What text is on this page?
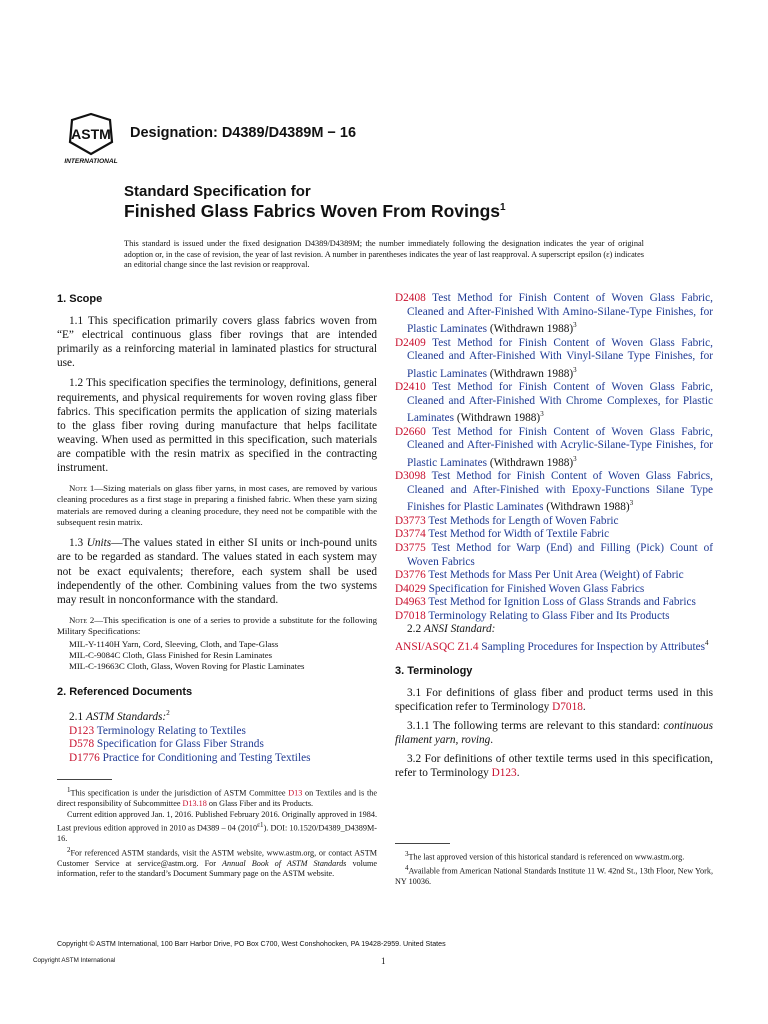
ASTM
INTERNATIONAL
Designation: D4389/D4389M − 16
Standard Specification for
Finished Glass Fabrics Woven From Rovings$^1$
This standard is issued under the fixed designation D4389/D4389M; the number immediately following the designation indicates the year of original adoption or, in the case of revision, the year of last revision. A number in parentheses indicates the year of last reapproval. A superscript epsilon (ε) indicates an editorial change since the last revision or reapproval.
1. Scope

1.1 This specification primarily covers glass fabrics woven from “E” electrical continuous glass fiber rovings that are intended primarily as a reinforcing material in laminated plastics for structural use.

1.2 This specification specifies the terminology, definitions, general requirements, and physical requirements for woven roving glass fiber fabrics. This specification permits the application of sizing materials to the glass fiber roving during manufacture that helps facilitate weaving. When used as permitted in this specification, such materials are compatible with the resin matrix as specified in the contracting instrument.

Note 1—Sizing materials on glass fiber yarns, in most cases, are removed by various cleaning procedures as a first stage in preparing a finished fabric. When these yarn sizing materials are removed during a cleaning procedure, they need not be compatible with the subsequent resin matrix.

1.3 Units—The values stated in either SI units or inch-pound units are to be regarded as standard. The values stated in each system may not be exact equivalents; therefore, each system shall be used independently of the other. Combining values from the two systems may result in nonconformance with the standard.

Note 2—This specification is one of a series to provide a substitute for the following Military Specifications:
MIL-Y-1140H Yarn, Cord, Sleeving, Cloth, and Tape-Glass
MIL-C-9084C Cloth, Glass Finished for Resin Laminates
MIL-C-19663C Cloth, Glass, Woven Roving for Plastic Laminates
2. Referenced Documents
2.1 ASTM Standards:$^2$
D123 Terminology Relating to Textiles
D578 Specification for Glass Fiber Strands
D1776 Practice for Conditioning and Testing Textiles
D2408 Test Method for Finish Content of Woven Glass Fabric, Cleaned and After-Finished With Amino-Silane-Type Finishes, for Plastic Laminates (Withdrawn 1988)$^3$
D2409 Test Method for Finish Content of Woven Glass Fabric, Cleaned and After-Finished With Vinyl-Silane Type Finishes, for Plastic Laminates (Withdrawn 1988)$^3$
D2410 Test Method for Finish Content of Woven Glass Fabric, Cleaned and After-Finished With Chrome Complexes, for Plastic Laminates (Withdrawn 1988)$^3$
D2660 Test Method for Finish Content of Woven Glass Fabric, Cleaned and After-Finished with Acrylic-Silane-Type Finishes, for Plastic Laminates (Withdrawn 1988)$^3$
D3098 Test Method for Finish Content of Woven Glass Fabrics, Cleaned and After-Finished with Epoxy-Functions Silane Type Finishes for Plastic Laminates (Withdrawn 1988)$^3$
D3773 Test Methods for Length of Woven Fabric
D3774 Test Method for Width of Textile Fabric
D3775 Test Method for Warp (End) and Filling (Pick) Count of Woven Fabrics
D3776 Test Methods for Mass Per Unit Area (Weight) of Fabric
D4029 Specification for Finished Woven Glass Fabrics
D4963 Test Method for Ignition Loss of Glass Strands and Fabrics
D7018 Terminology Relating to Glass Fiber and Its Products
2.2 ANSI Standard:
ANSI/ASQC Z1.4 Sampling Procedures for Inspection by Attributes$^4$
3. Terminology

3.1 For definitions of glass fiber and product terms used in this specification refer to Terminology D7018.

3.1.1 The following terms are relevant to this standard: continuous filament yarn, roving.

3.2 For definitions of other textile terms used in this specification, refer to Terminology D123.

$^1$This specification is under the jurisdiction of ASTM Committee D13 on Textiles and is the direct responsibility of Subcommittee D13.18 on Glass Fiber and its Products.
Current edition approved Jan. 1, 2016. Published February 2016. Originally approved in 1984. Last previous edition approved in 2010 as D4389 – 04 $(2010^{\varepsilon 1})$. DOI: 10.1520/D4389_D4389M-16.
$^2$For referenced ASTM standards, visit the ASTM website, www.astm.org, or contact ASTM Customer Service at service@astm.org. For Annual Book of ASTM Standards volume information, refer to the standard’s Document Summary page on the ASTM website.
$^3$The last approved version of this historical standard is referenced on www.astm.org.
$^4$Available from American National Standards Institute 11 W. 42nd St., 13th Floor, New York, NY 10036.
Copyright © ASTM International, 100 Barr Harbor Drive, PO Box C700, West Conshohocken, PA 19428-2959. United States
Copyright ASTM International	1
